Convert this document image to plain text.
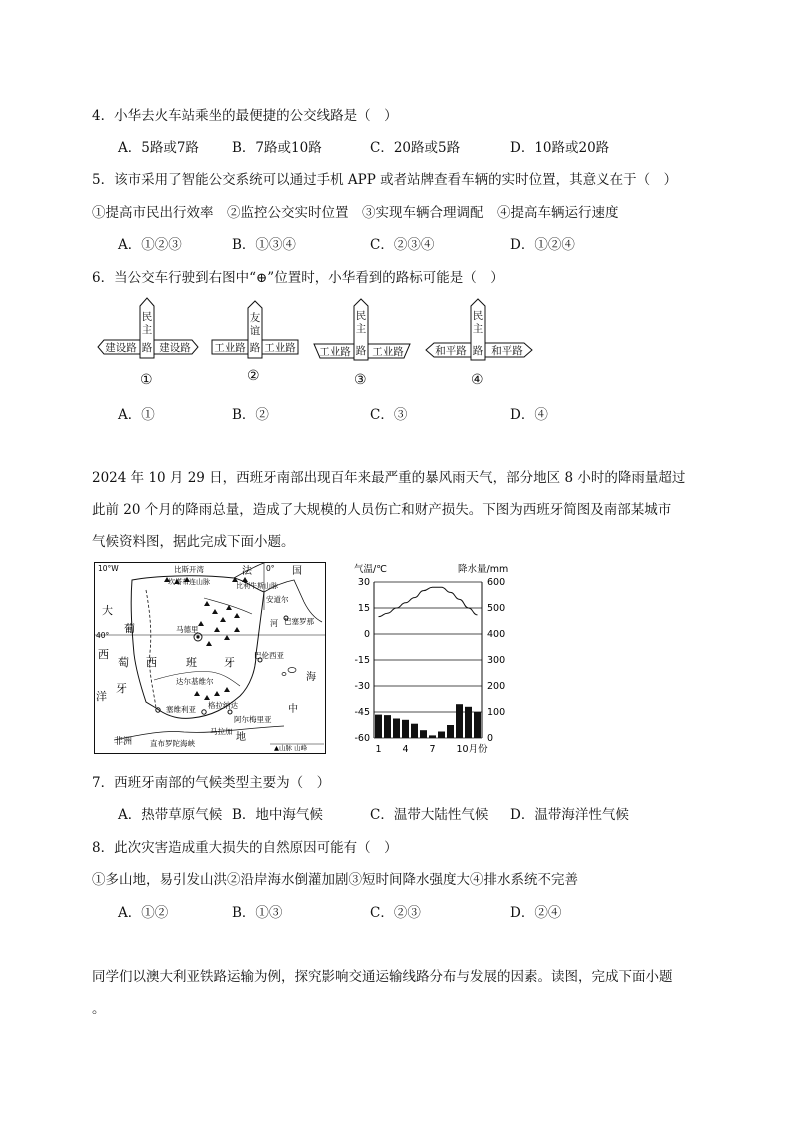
4．小华去火车站乘坐的最便捷的公交线路是（　）
A．5路或7路 B．7路或10路	C．20路或5路	D．10路或20路
5．该市采用了智能公交系统可以通过手机 APP 或者站牌查看车辆的实时位置，其意义在于（　）
①提高市民出行效率　②监控公交实时位置　③实现车辆合理调配　④提高车辆运行速度
A．①②③	B．①③④	C．②③④	D．①②④
6．当公交车行驶到右图中“⊕”位置时，小华看到的路标可能是（　）
民
主
路
建设路 建设路
①
友
谊
路
工业路 工业路
②
民
主
路
工业路 工业路
③
民
主
路
和平路 和平路
④
A．①	B．②	C．③	D．④
2024 年 10 月 29 日，西班牙南部出现百年来最严重的暴风雨天气，部分地区 8 小时的降雨量超过
此前 20 个月的降雨总量，造成了大规模的人员伤亡和财产损失。下图为西班牙简图及南部某城市
气候资料图，据此完成下面小题。
10°W	0°
40°
比斯开湾
坎塔布连山脉	比利牛斯山脉
法	国
安道尔
巴塞罗那
马德里
巴伦西亚
大
西
洋
葡
萄
牙
西	班 牙
达尔基维尔
塞维利亚 格拉纳达
阿尔梅里亚
马拉加
直布罗陀海峡
非洲
海
中
地
河
▲山脉 山峰
气温/℃	降水量/mm
30
15
0
-15
-30
-45
-60
600
500
400
300
200
100
0
1 4 7 10月份
7．西班牙南部的气候类型主要为（　）
A．热带草原气候 B．地中海气候	C．温带大陆性气候 D．温带海洋性气候
8．此次灾害造成重大损失的自然原因可能有（　）
①多山地，易引发山洪②沿岸海水倒灌加剧③短时间降水强度大④排水系统不完善
A．①②	B．①③	C．②③	D．②④
同学们以澳大利亚铁路运输为例，探究影响交通运输线路分布与发展的因素。读图，完成下面小题
。
